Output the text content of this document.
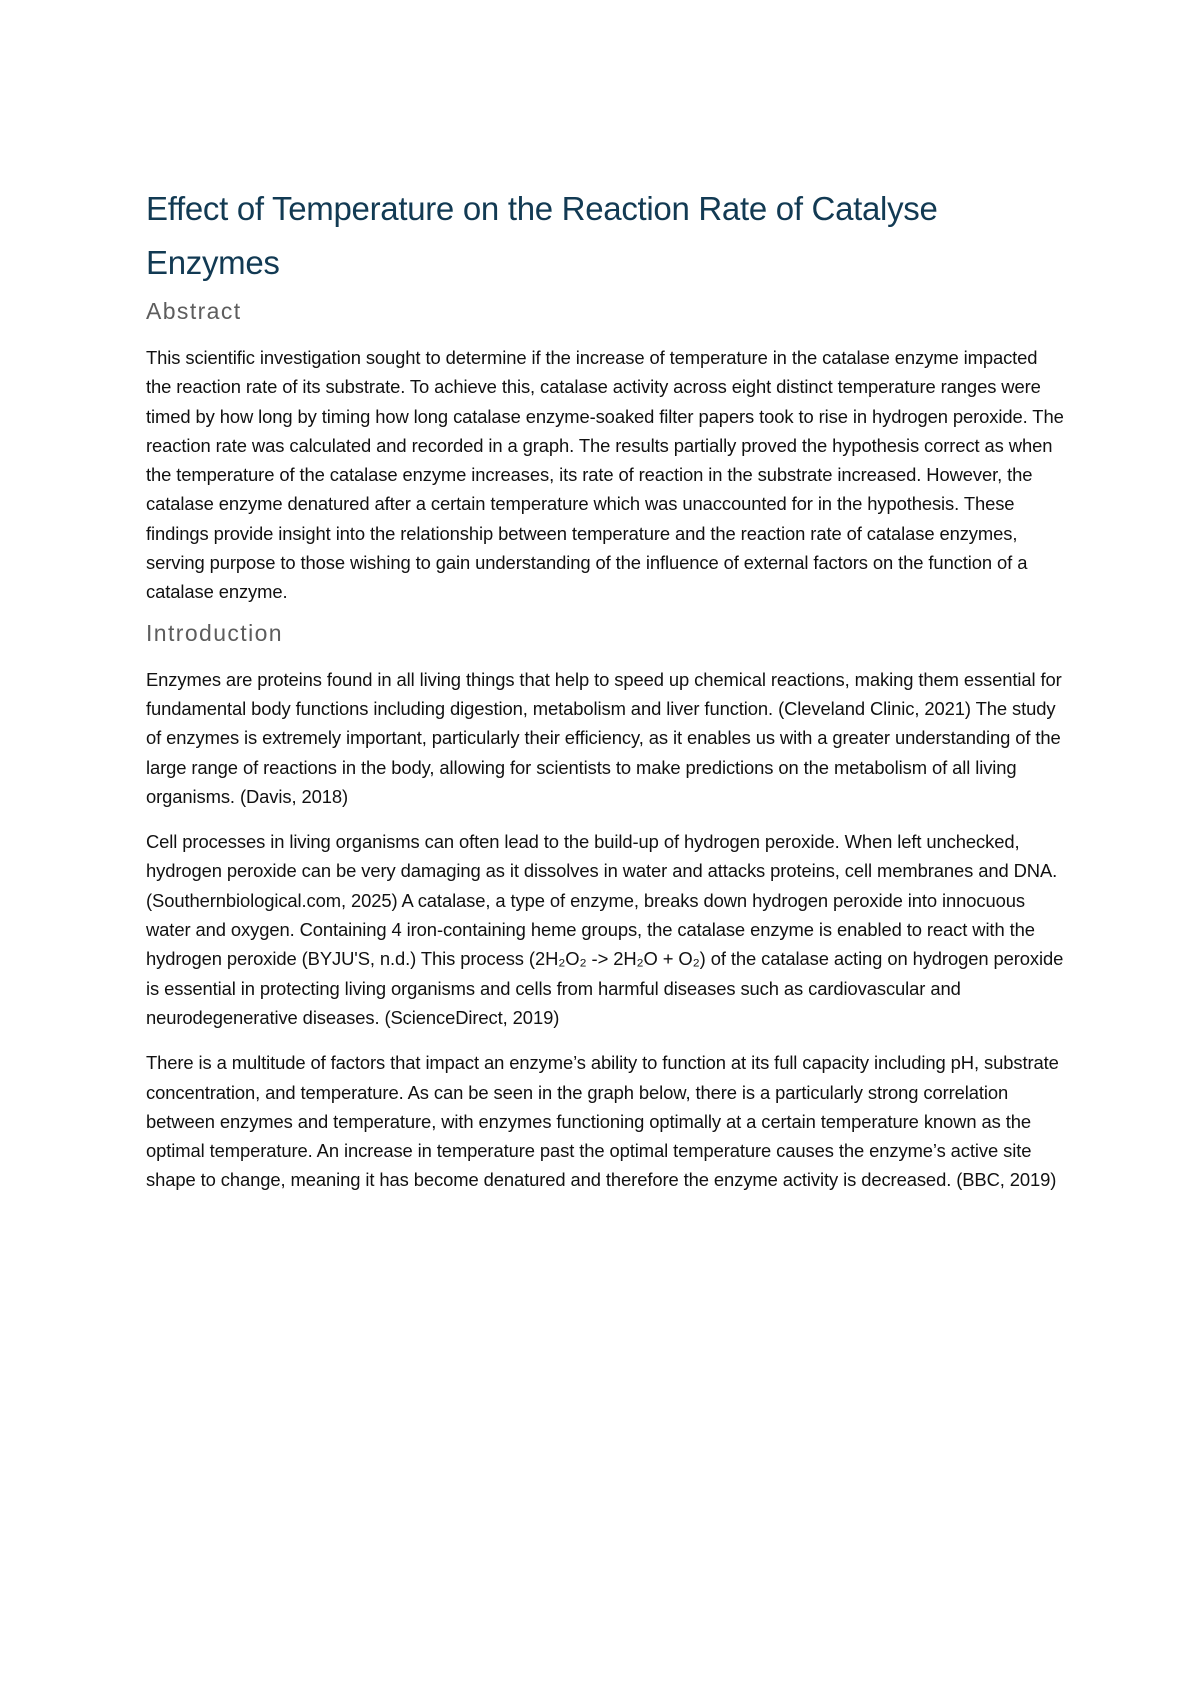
Effect of Temperature on the Reaction Rate of Catalyse Enzymes
Abstract

This scientific investigation sought to determine if the increase of temperature in the catalase enzyme impacted the reaction rate of its substrate. To achieve this, catalase activity across eight distinct temperature ranges were timed by how long by timing how long catalase enzyme-soaked filter papers took to rise in hydrogen peroxide. The reaction rate was calculated and recorded in a graph. The results partially proved the hypothesis correct as when the temperature of the catalase enzyme increases, its rate of reaction in the substrate increased. However, the catalase enzyme denatured after a certain temperature which was unaccounted for in the hypothesis. These findings provide insight into the relationship between temperature and the reaction rate of catalase enzymes, serving purpose to those wishing to gain understanding of the influence of external factors on the function of a catalase enzyme.

Introduction

Enzymes are proteins found in all living things that help to speed up chemical reactions, making them essential for fundamental body functions including digestion, metabolism and liver function. (Cleveland Clinic, 2021) The study of enzymes is extremely important, particularly their efficiency, as it enables us with a greater understanding of the large range of reactions in the body, allowing for scientists to make predictions on the metabolism of all living organisms. (Davis, 2018)

Cell processes in living organisms can often lead to the build-up of hydrogen peroxide. When left unchecked, hydrogen peroxide can be very damaging as it dissolves in water and attacks proteins, cell membranes and DNA. (Southernbiological.com, 2025) A catalase, a type of enzyme, breaks down hydrogen peroxide into innocuous water and oxygen. Containing 4 iron-containing heme groups, the catalase enzyme is enabled to react with the hydrogen peroxide (BYJU'S, n.d.) This process (2H₂O₂ -> 2H₂O + O₂) of the catalase acting on hydrogen peroxide is essential in protecting living organisms and cells from harmful diseases such as cardiovascular and neurodegenerative diseases. (ScienceDirect, 2019)

There is a multitude of factors that impact an enzyme’s ability to function at its full capacity including pH, substrate concentration, and temperature. As can be seen in the graph below, there is a particularly strong correlation between enzymes and temperature, with enzymes functioning optimally at a certain temperature known as the optimal temperature. An increase in temperature past the optimal temperature causes the enzyme’s active site shape to change, meaning it has become denatured and therefore the enzyme activity is decreased. (BBC, 2019)
